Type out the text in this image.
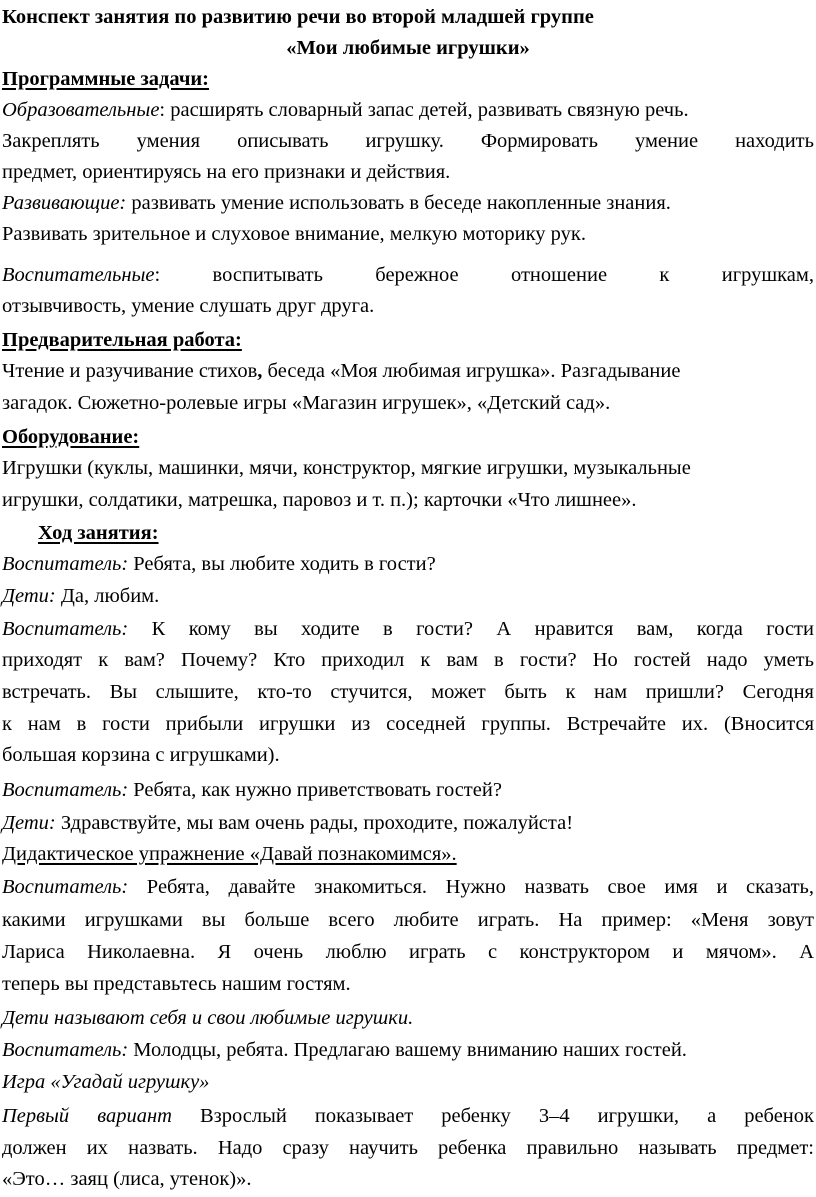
Конспект занятия по развитию речи во второй младшей группе
«Мои любимые игрушки»
Программные задачи:
Образовательные: расширять словарный запас детей, развивать связную речь.
Закреплять умения описывать игрушку. Формировать умение находить
предмет, ориентируясь на его признаки и действия.
Развивающие: развивать умение использовать в беседе накопленные знания.
Развивать зрительное и слуховое внимание, мелкую моторику рук.
Воспитательные: воспитывать бережное отношение к игрушкам,
отзывчивость, умение слушать друг друга.
Предварительная работа:
Чтение и разучивание стихов, беседа «Моя любимая игрушка». Разгадывание
загадок. Сюжетно-ролевые игры «Магазин игрушек», «Детский сад».
Оборудование:
Игрушки (куклы, машинки, мячи, конструктор, мягкие игрушки, музыкальные
игрушки, солдатики, матрешка, паровоз и т. п.); карточки «Что лишнее».
Ход занятия:
Воспитатель: Ребята, вы любите ходить в гости?
Дети: Да, любим.
Воспитатель: К кому вы ходите в гости? А нравится вам, когда гости
приходят к вам? Почему? Кто приходил к вам в гости? Но гостей надо уметь
встречать. Вы слышите, кто-то стучится, может быть к нам пришли? Сегодня
к нам в гости прибыли игрушки из соседней группы. Встречайте их. (Вносится
большая корзина с игрушками).
Воспитатель: Ребята, как нужно приветствовать гостей?
Дети: Здравствуйте, мы вам очень рады, проходите, пожалуйста!
Дидактическое упражнение «Давай познакомимся».
Воспитатель: Ребята, давайте знакомиться. Нужно назвать свое имя и сказать,
какими игрушками вы больше всего любите играть. На пример: «Меня зовут
Лариса Николаевна. Я очень люблю играть с конструктором и мячом». А
теперь вы представьтесь нашим гостям.
Дети называют себя и свои любимые игрушки.
Воспитатель: Молодцы, ребята. Предлагаю вашему вниманию наших гостей.
Игра «Угадай игрушку»
Первый вариант Взрослый показывает ребенку 3–4 игрушки, а ребенок
должен их назвать. Надо сразу научить ребенка правильно называть предмет:
«Это… заяц (лиса, утенок)».
